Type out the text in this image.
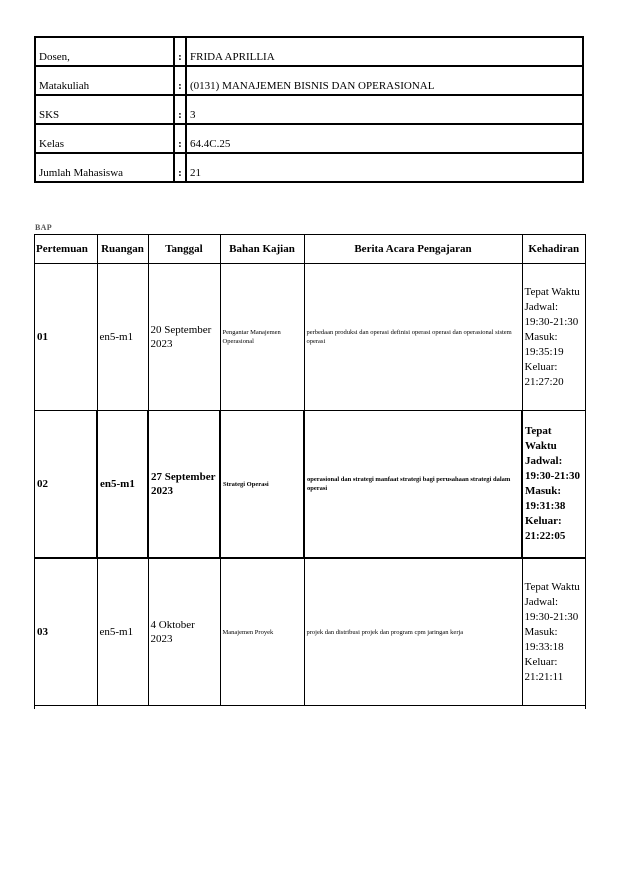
Dosen,	:	FRIDA APRILLIA
Matakuliah	:	(0131) MANAJEMEN BISNIS DAN OPERASIONAL
SKS	:	3
Kelas	:	64.4C.25
Jumlah Mahasiswa	:	21
BAP
Pertemuan	Ruangan	Tanggal	Bahan Kajian	Berita Acara Pengajaran	Kehadiran
01	en5-m1	20 September 2023	Pengantar Manajemen Operasional	perbedaan produksi dan operasi definisi operasi operasi dan operasional sistem operasi	Tepat Waktu Jadwal: 19:30-21:30 Masuk: 19:35:19 Keluar: 21:27:20
02	en5-m1	27 September 2023	Strategi Operasi	operasional dan strategi manfaat strategi bagi perusahaan strategi dalam operasi	Tepat Waktu Jadwal: 19:30-21:30 Masuk: 19:31:38 Keluar: 21:22:05
03	en5-m1	4 Oktober 2023	Manajemen Proyek	projek dan distribusi projek dan program cpm jaringan kerja	Tepat Waktu Jadwal: 19:30-21:30 Masuk: 19:33:18 Keluar: 21:21:11
